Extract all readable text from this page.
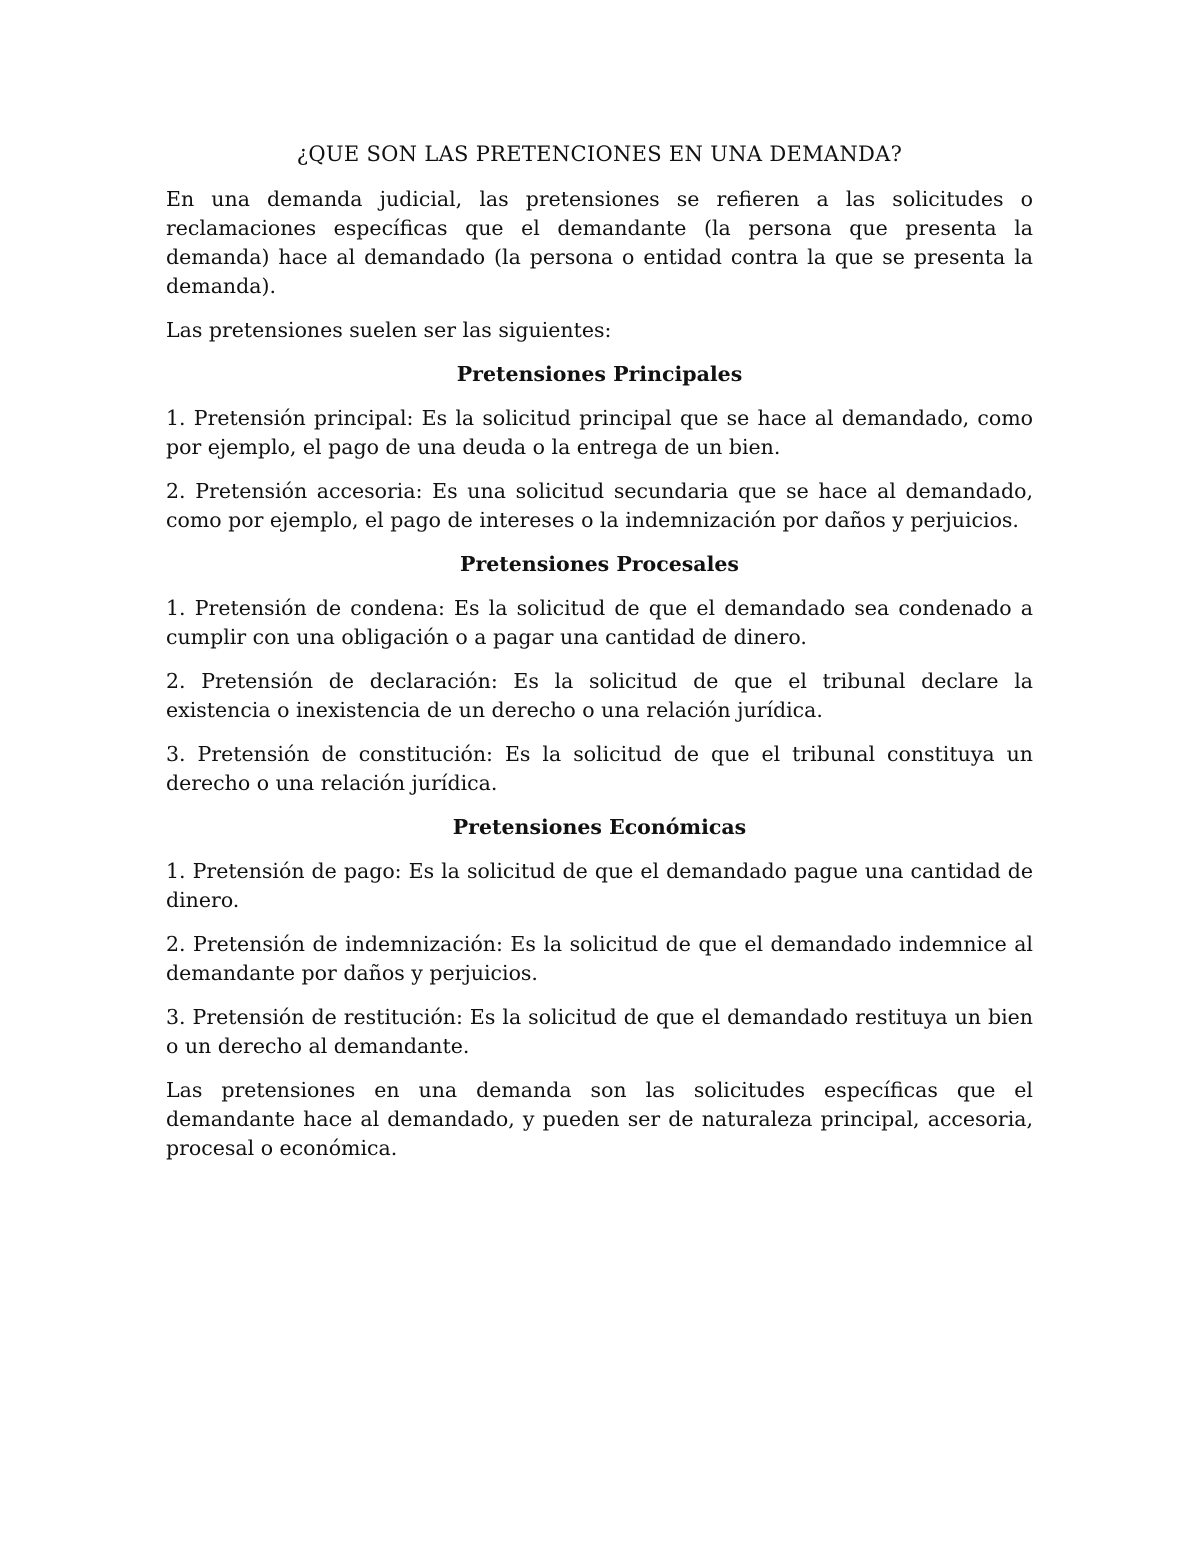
¿QUE SON LAS PRETENCIONES EN UNA DEMANDA?

En una demanda judicial, las pretensiones se refieren a las solicitudes o reclamaciones específicas que el demandante (la persona que presenta la demanda) hace al demandado (la persona o entidad contra la que se presenta la demanda).

Las pretensiones suelen ser las siguientes:

Pretensiones Principales

1. Pretensión principal: Es la solicitud principal que se hace al demandado, como por ejemplo, el pago de una deuda o la entrega de un bien.

2. Pretensión accesoria: Es una solicitud secundaria que se hace al demandado, como por ejemplo, el pago de intereses o la indemnización por daños y perjuicios.

Pretensiones Procesales

1. Pretensión de condena: Es la solicitud de que el demandado sea condenado a cumplir con una obligación o a pagar una cantidad de dinero.

2. Pretensión de declaración: Es la solicitud de que el tribunal declare la existencia o inexistencia de un derecho o una relación jurídica.

3. Pretensión de constitución: Es la solicitud de que el tribunal constituya un derecho o una relación jurídica.

Pretensiones Económicas

1. Pretensión de pago: Es la solicitud de que el demandado pague una cantidad de dinero.

2. Pretensión de indemnización: Es la solicitud de que el demandado indemnice al demandante por daños y perjuicios.

3. Pretensión de restitución: Es la solicitud de que el demandado restituya un bien o un derecho al demandante.

Las pretensiones en una demanda son las solicitudes específicas que el demandante hace al demandado, y pueden ser de naturaleza principal, accesoria, procesal o económica.
